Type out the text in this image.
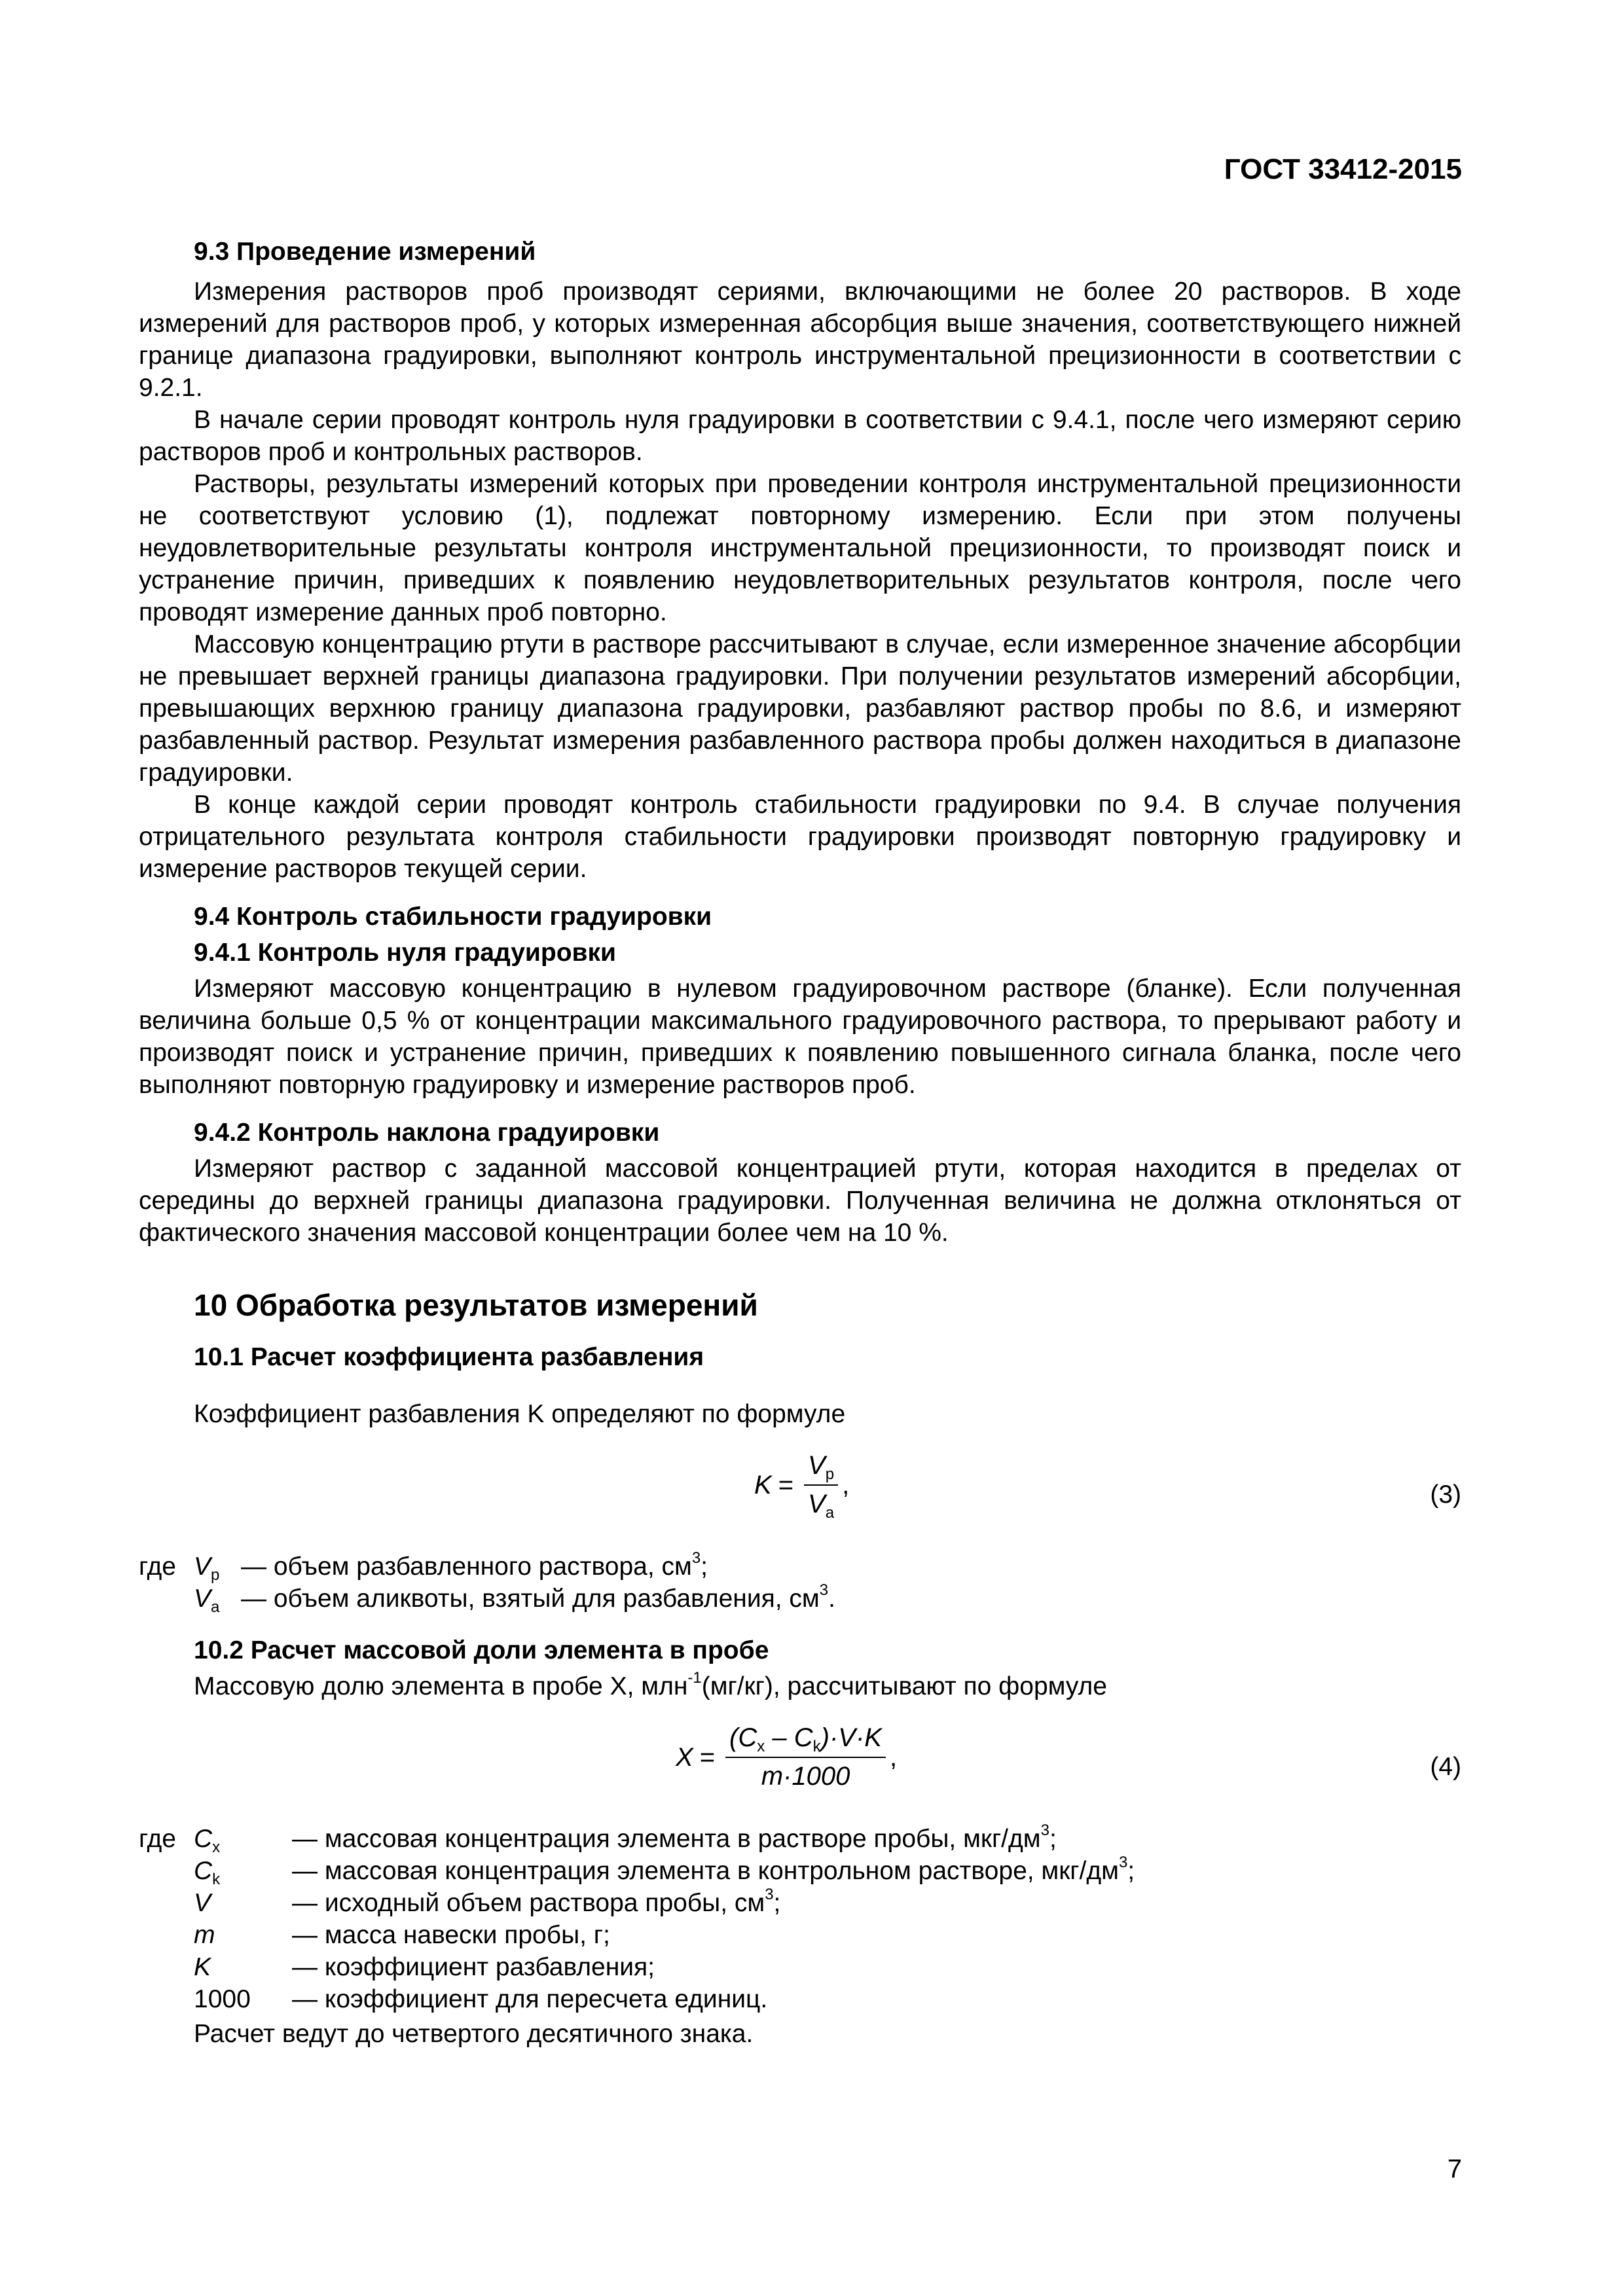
ГОСТ 33412-2015
9.3 Проведение измерений

Измерения растворов проб производят сериями, включающими не более 20 растворов. В ходе измерений для растворов проб, у которых измеренная абсорбция выше значения, соответствующего нижней границе диапазона градуировки, выполняют контроль инструментальной прецизионности в соответствии с 9.2.1.

В начале серии проводят контроль нуля градуировки в соответствии с 9.4.1, после чего измеряют серию растворов проб и контрольных растворов.

Растворы, результаты измерений которых при проведении контроля инструментальной прецизионности не соответствуют условию (1), подлежат повторному измерению. Если при этом получены неудовлетворительные результаты контроля инструментальной прецизионности, то производят поиск и устранение причин, приведших к появлению неудовлетворительных результатов контроля, после чего проводят измерение данных проб повторно.

Массовую концентрацию ртути в растворе рассчитывают в случае, если измеренное значение абсорбции не превышает верхней границы диапазона градуировки. При получении результатов измерений абсорбции, превышающих верхнюю границу диапазона градуировки, разбавляют раствор пробы по 8.6, и измеряют разбавленный раствор. Результат измерения разбавленного раствора пробы должен находиться в диапазоне градуировки.

В конце каждой серии проводят контроль стабильности градуировки по 9.4. В случае получения отрицательного результата контроля стабильности градуировки производят повторную градуировку и измерение растворов текущей серии.

9.4 Контроль стабильности градуировки
9.4.1 Контроль нуля градуировки

Измеряют массовую концентрацию в нулевом градуировочном растворе (бланке). Если полученная величина больше 0,5 % от концентрации максимального градуировочного раствора, то прерывают работу и производят поиск и устранение причин, приведших к появлению повышенного сигнала бланка, после чего выполняют повторную градуировку и измерение растворов проб.

9.4.2 Контроль наклона градуировки

Измеряют раствор с заданной массовой концентрацией ртути, которая находится в пределах от середины до верхней границы диапазона градуировки. Полученная величина не должна отклоняться от фактического значения массовой концентрации более чем на 10 %.

10 Обработка результатов измерений
10.1 Расчет коэффициента разбавления

Коэффициент разбавления K определяют по формуле

$K = \frac{V_p}{V_a}$ ,	(3)
где $V_p$ — объем разбавленного раствора, $см^3$;
$V_a$ — объем аликвоты, взятый для разбавления, $см^3$.
10.2 Расчет массовой доли элемента в пробе

Массовую долю элемента в пробе X, млн$^{-1}$(мг/кг), рассчитывают по формуле

$X = \frac{(C_x - C_k)\cdot V\cdot K}{m\cdot 1000}$ ,	(4)
где $C_x$	— массовая концентрация элемента в растворе пробы, мкг/$дм^3$;
$C_k$	— массовая концентрация элемента в контрольном растворе, мкг/$дм^3$;
V	— исходный объем раствора пробы, $см^3$;
m	— масса навески пробы, г;
K	— коэффициент разбавления;
1000	— коэффициент для пересчета единиц.

Расчет ведут до четвертого десятичного знака.

7
